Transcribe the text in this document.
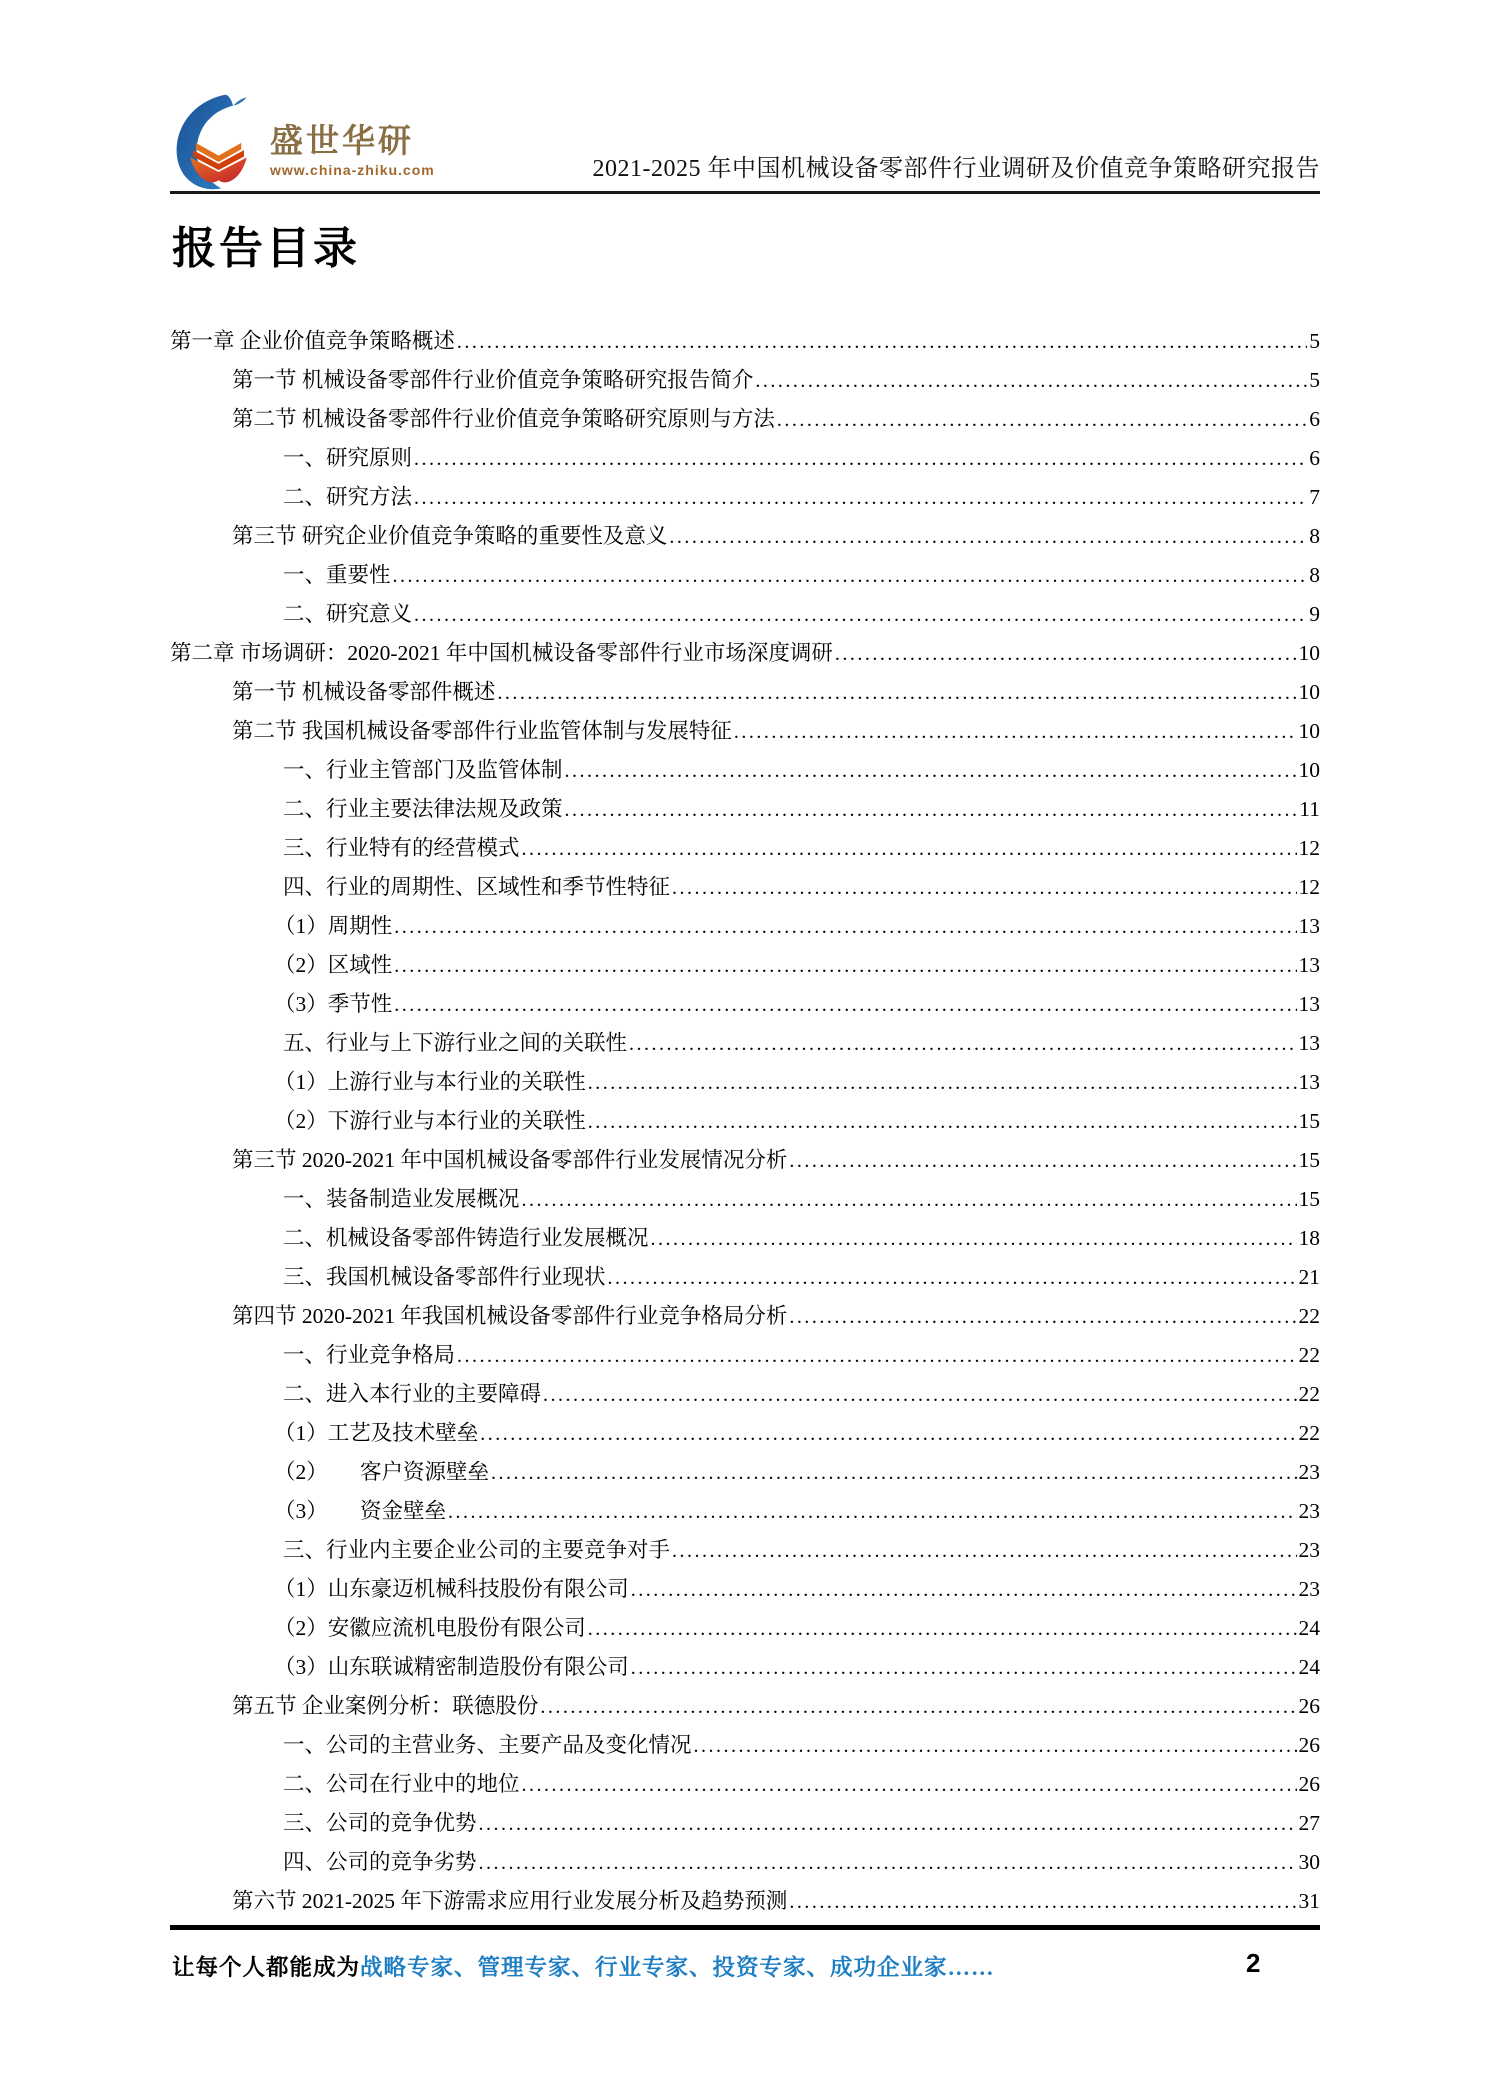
盛世华研
www.china-zhiku.com	2021-2025 年中国机械设备零部件行业调研及价值竞争策略研究报告
报告目录
第一章 企业价值竞争策略概述 .....	5
第一节 机械设备零部件行业价值竞争策略研究报告简介 .....	5
第二节 机械设备零部件行业价值竞争策略研究原则与方法 .....	6
一、研究原则 .....	6
二、研究方法 .....	7
第三节 研究企业价值竞争策略的重要性及意义 .....	8
一、重要性 .....	8
二、研究意义 .....	9
第二章 市场调研：2020-2021 年中国机械设备零部件行业市场深度调研 .....	10
第一节 机械设备零部件概述 .....	10
第二节 我国机械设备零部件行业监管体制与发展特征 .....	10
一、行业主管部门及监管体制 .....	10
二、行业主要法律法规及政策 .....	11
三、行业特有的经营模式 .....	12
四、行业的周期性、区域性和季节性特征 .....	12
（1）周期性 .....	13
（2）区域性 .....	13
（3）季节性 .....	13
五、行业与上下游行业之间的关联性 .....	13
（1）上游行业与本行业的关联性 .....	13
（2）下游行业与本行业的关联性 .....	15
第三节 2020-2021 年中国机械设备零部件行业发展情况分析 .....	15
一、装备制造业发展概况 .....	15
二、机械设备零部件铸造行业发展概况 .....	18
三、我国机械设备零部件行业现状 .....	21
第四节 2020-2021 年我国机械设备零部件行业竞争格局分析 .....	22
一、行业竞争格局 .....	22
二、进入本行业的主要障碍 .....	22
（1）工艺及技术壁垒 .....	22
（2）　　客户资源壁垒 .....	23
（3）　　资金壁垒 .....	23
三、行业内主要企业公司的主要竞争对手 .....	23
（1）山东豪迈机械科技股份有限公司 .....	23
（2）安徽应流机电股份有限公司 .....	24
（3）山东联诚精密制造股份有限公司 .....	24
第五节 企业案例分析：联德股份 .....	26
一、公司的主营业务、主要产品及变化情况 .....	26
二、公司在行业中的地位 .....	26
三、公司的竞争优势 .....	27
四、公司的竞争劣势 .....	30
第六节 2021-2025 年下游需求应用行业发展分析及趋势预测 .....	31
让每个人都能成为战略专家、管理专家、行业专家、投资专家、成功企业家……	2
